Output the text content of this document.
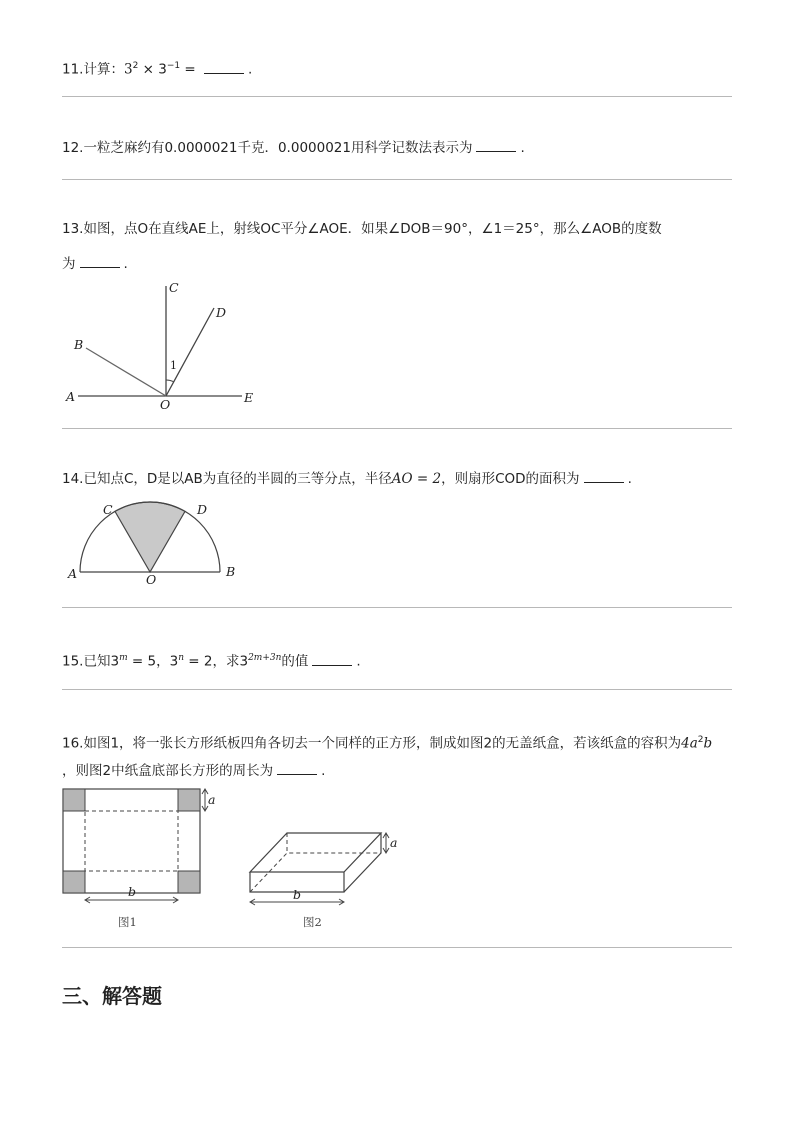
11.计算：$3^2 \times 3^{-1}$ =	.
12.一粒芝麻约有0.0000021千克．0.0000021用科学记数法表示为	.
13.如图，点O在直线AE上，射线OC平分∠AOE．如果∠DOB＝90°，∠1＝25°，那么∠AOB的度数
为	.
A
B
C
D
E
O
1
14.已知点C，D是以AB为直径的半圆的三等分点，半径AO = 2，则扇形COD的面积为	.
A	B
C	D
O
15.已知$3^m = 5$，$3^n = 2$，求$3^{2m+3n}$的值	.
16.如图1，将一张长方形纸板四角各切去一个同样的正方形，制成如图2的无盖纸盒，若该纸盒的容积为$4a^2b$
，则图2中纸盒底部长方形的周长为	.
a
b
图1
a
b
图2
三、解答题
